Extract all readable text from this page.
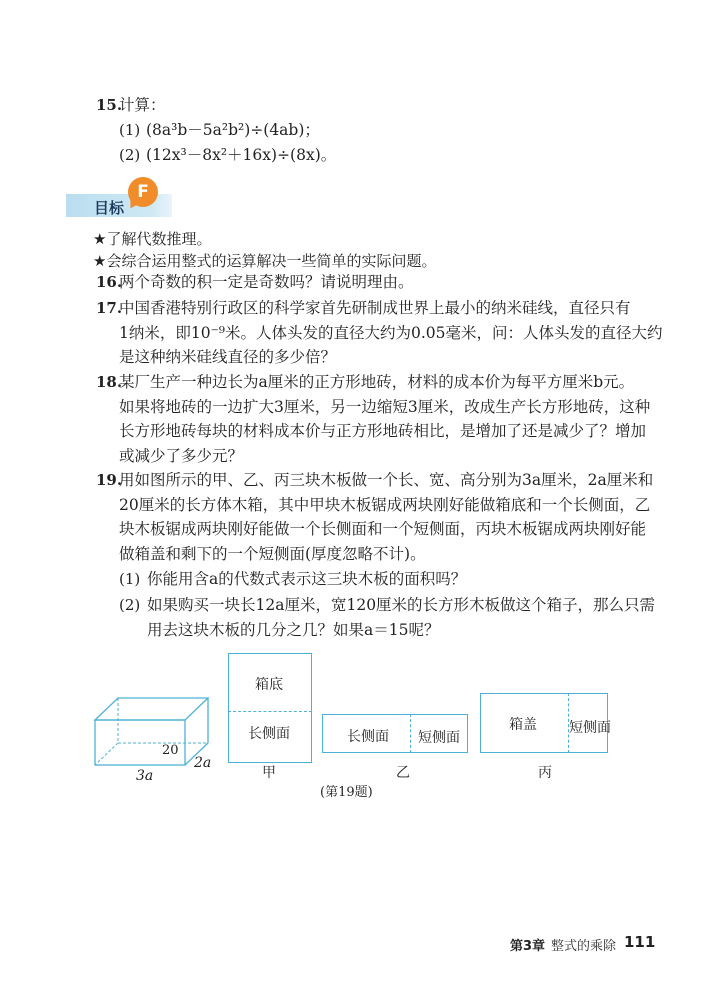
15.
计算：
(1) (8a³b－5a²b²)÷(4ab)；
(2) (12x³－8x²＋16x)÷(8x)。
F
目标
★了解代数推理。
★会综合运用整式的运算解决一些简单的实际问题。
16.
两个奇数的积一定是奇数吗？请说明理由。
17.
中国香港特别行政区的科学家首先研制成世界上最小的纳米硅线，直径只有
1纳米，即10⁻⁹米。人体头发的直径大约为0.05毫米，问：人体头发的直径大约
是这种纳米硅线直径的多少倍？
18.
某厂生产一种边长为a厘米的正方形地砖，材料的成本价为每平方厘米b元。
如果将地砖的一边扩大3厘米，另一边缩短3厘米，改成生产长方形地砖，这种
长方形地砖每块的材料成本价与正方形地砖相比，是增加了还是减少了？增加
或减少了多少元？
19.
用如图所示的甲、乙、丙三块木板做一个长、宽、高分别为3a厘米，2a厘米和
20厘米的长方体木箱，其中甲块木板锯成两块刚好能做箱底和一个长侧面，乙
块木板锯成两块刚好能做一个长侧面和一个短侧面，丙块木板锯成两块刚好能
做箱盖和剩下的一个短侧面(厚度忽略不计)。
(1) 你能用含a的代数式表示这三块木板的面积吗？
(2) 如果购买一块长12a厘米，宽120厘米的长方形木板做这个箱子，那么只需
用去这块木板的几分之几？如果a＝15呢？
20
2a
3a
箱底
长侧面
甲
长侧面 短侧面
乙
箱盖 短侧面
丙
(第19题)
第3章 整式的乘除 111
